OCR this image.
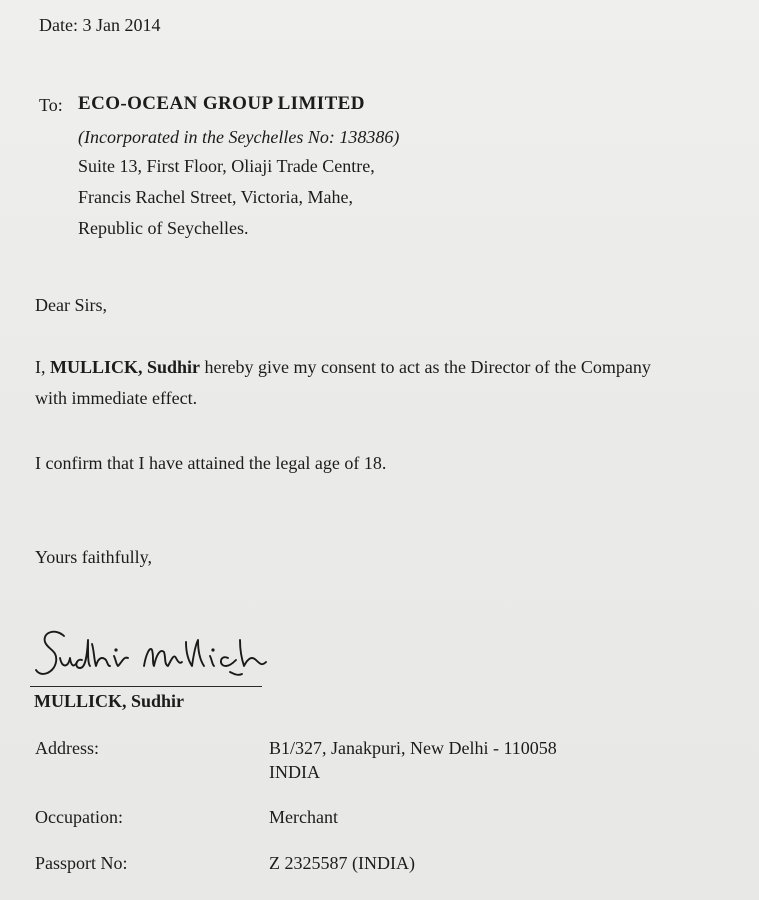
Date: 3 Jan 2014
To: ECO-OCEAN GROUP LIMITED
(Incorporated in the Seychelles No: 138386)
Suite 13, First Floor, Oliaji Trade Centre,
Francis Rachel Street, Victoria, Mahe,
Republic of Seychelles.
Dear Sirs,
I, MULLICK, Sudhir hereby give my consent to act as the Director of the Company
with immediate effect.
I confirm that I have attained the legal age of 18.
Yours faithfully,
MULLICK, Sudhir
Address:	B1/327, Janakpuri, New Delhi - 110058
INDIA
Occupation:	Merchant
Passport No:	Z 2325587 (INDIA)
